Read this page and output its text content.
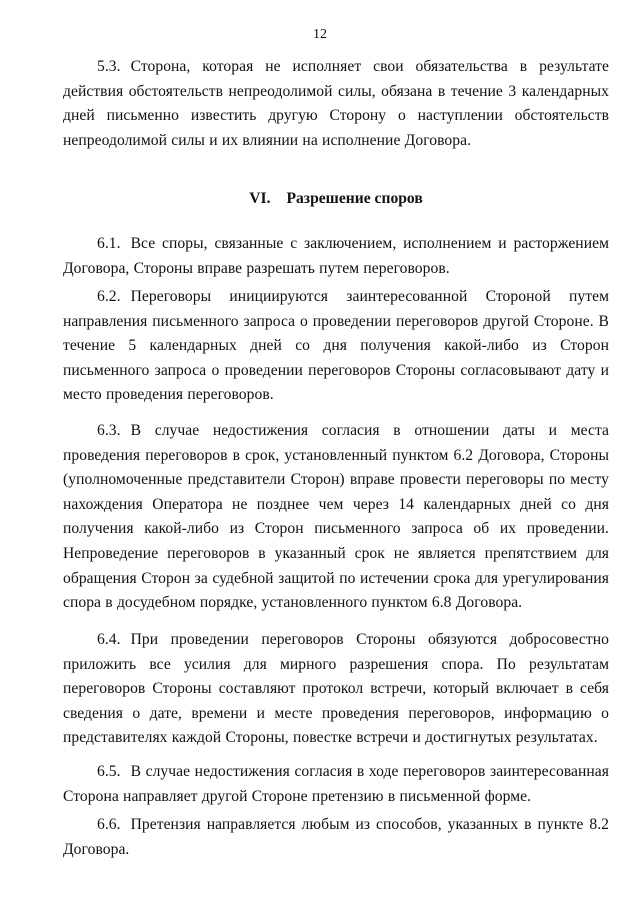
12

5.3. Сторона, которая не исполняет свои обязательства в результате действия обстоятельств непреодолимой силы, обязана в течение 3 календарных дней письменно известить другую Сторону о наступлении обстоятельств непреодолимой силы и их влиянии на исполнение Договора.

VI. Разрешение споров

6.1. Все споры, связанные с заключением, исполнением и расторжением Договора, Стороны вправе разрешать путем переговоров.

6.2. Переговоры инициируются заинтересованной Стороной путем направления письменного запроса о проведении переговоров другой Стороне. В течение 5 календарных дней со дня получения какой-либо из Сторон письменного запроса о проведении переговоров Стороны согласовывают дату и место проведения переговоров.

6.3. В случае недостижения согласия в отношении даты и места проведения переговоров в срок, установленный пунктом 6.2 Договора, Стороны (уполномоченные представители Сторон) вправе провести переговоры по месту нахождения Оператора не позднее чем через 14 календарных дней со дня получения какой-либо из Сторон письменного запроса об их проведении. Непроведение переговоров в указанный срок не является препятствием для обращения Сторон за судебной защитой по истечении срока для урегулирования спора в досудебном порядке, установленного пунктом 6.8 Договора.

6.4. При проведении переговоров Стороны обязуются добросовестно приложить все усилия для мирного разрешения спора. По результатам переговоров Стороны составляют протокол встречи, который включает в себя сведения о дате, времени и месте проведения переговоров, информацию о представителях каждой Стороны, повестке встречи и достигнутых результатах.

6.5. В случае недостижения согласия в ходе переговоров заинтересованная Сторона направляет другой Стороне претензию в письменной форме.

6.6. Претензия направляется любым из способов, указанных в пункте 8.2 Договора.
